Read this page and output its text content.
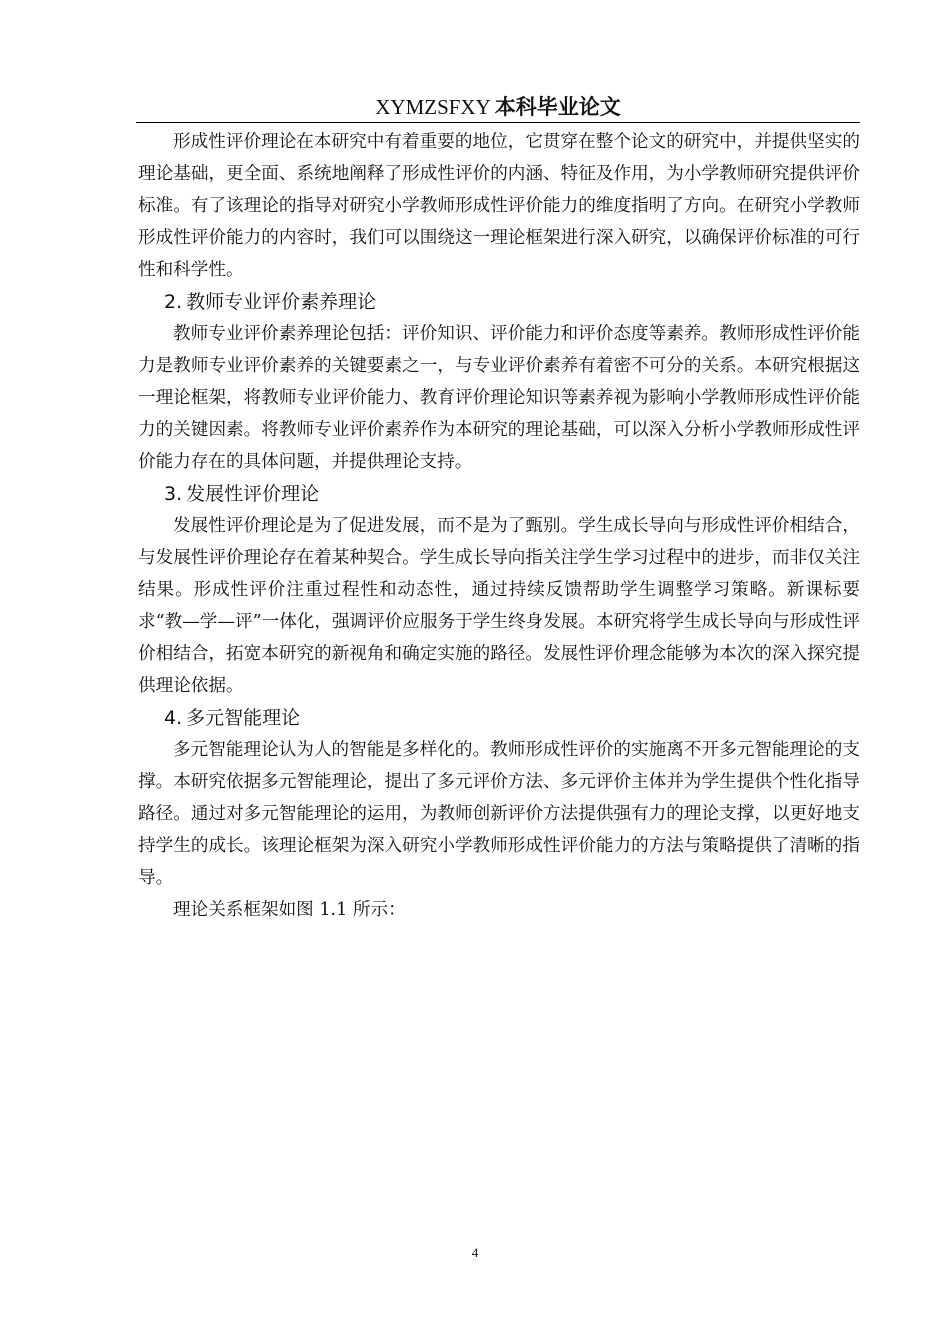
XYMZSFXY 本科毕业论文

形成性评价理论在本研究中有着重要的地位，它贯穿在整个论文的研究中，并提供坚实的理论基础，更全面、系统地阐释了形成性评价的内涵、特征及作用，为小学教师研究提供评价标准。有了该理论的指导对研究小学教师形成性评价能力的维度指明了方向。在研究小学教师形成性评价能力的内容时，我们可以围绕这一理论框架进行深入研究，以确保评价标准的可行性和科学性。

2. 教师专业评价素养理论

教师专业评价素养理论包括：评价知识、评价能力和评价态度等素养。教师形成性评价能力是教师专业评价素养的关键要素之一，与专业评价素养有着密不可分的关系。本研究根据这一理论框架，将教师专业评价能力、教育评价理论知识等素养视为影响小学教师形成性评价能力的关键因素。将教师专业评价素养作为本研究的理论基础，可以深入分析小学教师形成性评价能力存在的具体问题，并提供理论支持。

3. 发展性评价理论

发展性评价理论是为了促进发展，而不是为了甄别。学生成长导向与形成性评价相结合，与发展性评价理论存在着某种契合。学生成长导向指关注学生学习过程中的进步，而非仅关注结果。形成性评价注重过程性和动态性，通过持续反馈帮助学生调整学习策略。新课标要求“教—学—评”一体化，强调评价应服务于学生终身发展。本研究将学生成长导向与形成性评价相结合，拓宽本研究的新视角和确定实施的路径。发展性评价理念能够为本次的深入探究提供理论依据。

4. 多元智能理论

多元智能理论认为人的智能是多样化的。教师形成性评价的实施离不开多元智能理论的支撑。本研究依据多元智能理论，提出了多元评价方法、多元评价主体并为学生提供个性化指导路径。通过对多元智能理论的运用，为教师创新评价方法提供强有力的理论支撑，以更好地支持学生的成长。该理论框架为深入研究小学教师形成性评价能力的方法与策略提供了清晰的指导。

理论关系框架如图 1.1 所示：

4
